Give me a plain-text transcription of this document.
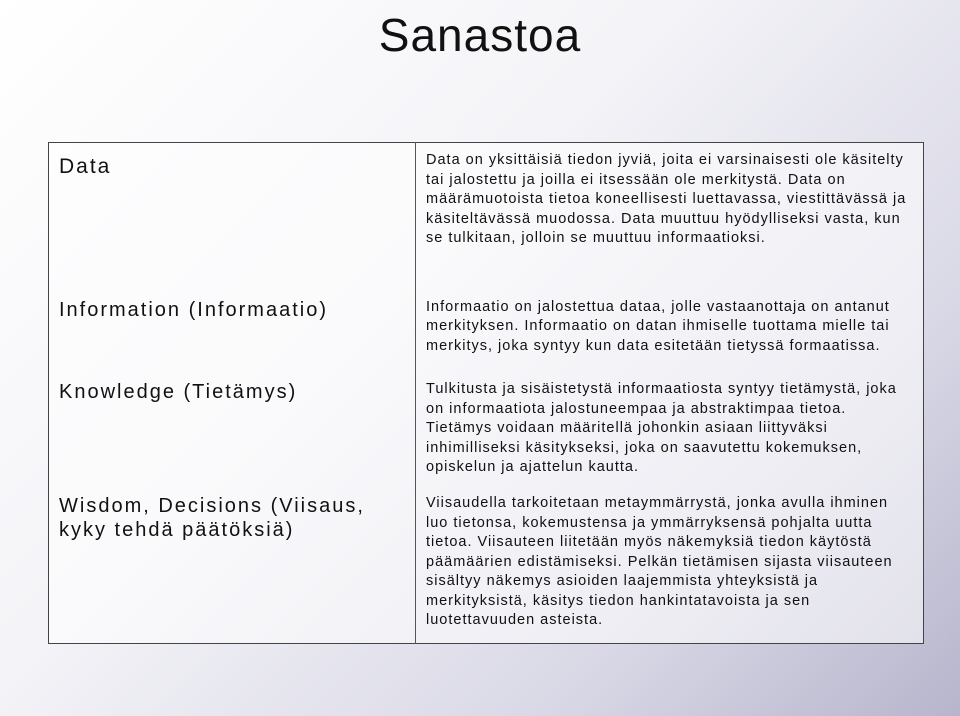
Sanastoa
Data	Data on yksittäisiä tiedon jyviä, joita ei varsinaisesti ole käsitelty tai jalostettu ja joilla ei itsessään ole merkitystä. Data on määrämuotoista tietoa koneellisesti luettavassa, viestittävässä ja käsiteltävässä muodossa. Data muuttuu hyödylliseksi vasta, kun se tulkitaan, jolloin se muuttuu informaatioksi.
Information (Informaatio)	Informaatio on jalostettua dataa, jolle vastaanottaja on antanut merkityksen. Informaatio on datan ihmiselle tuottama mielle tai merkitys, joka syntyy kun data esitetään tietyssä formaatissa.
Knowledge (Tietämys)	Tulkitusta ja sisäistetystä informaatiosta syntyy tietämystä, joka on informaatiota jalostuneempaa ja abstraktimpaa tietoa. Tietämys voidaan määritellä johonkin asiaan liittyväksi inhimilliseksi käsitykseksi, joka on saavutettu kokemuksen, opiskelun ja ajattelun kautta.
Wisdom, Decisions (Viisaus, kyky tehdä päätöksiä)	Viisaudella tarkoitetaan metaymmärrystä, jonka avulla ihminen luo tietonsa, kokemustensa ja ymmärryksensä pohjalta uutta tietoa. Viisauteen liitetään myös näkemyksiä tiedon käytöstä päämäärien edistämiseksi. Pelkän tietämisen sijasta viisauteen sisältyy näkemys asioiden laajemmista yhteyksistä ja merkityksistä, käsitys tiedon hankintatavoista ja sen luotettavuuden asteista.
